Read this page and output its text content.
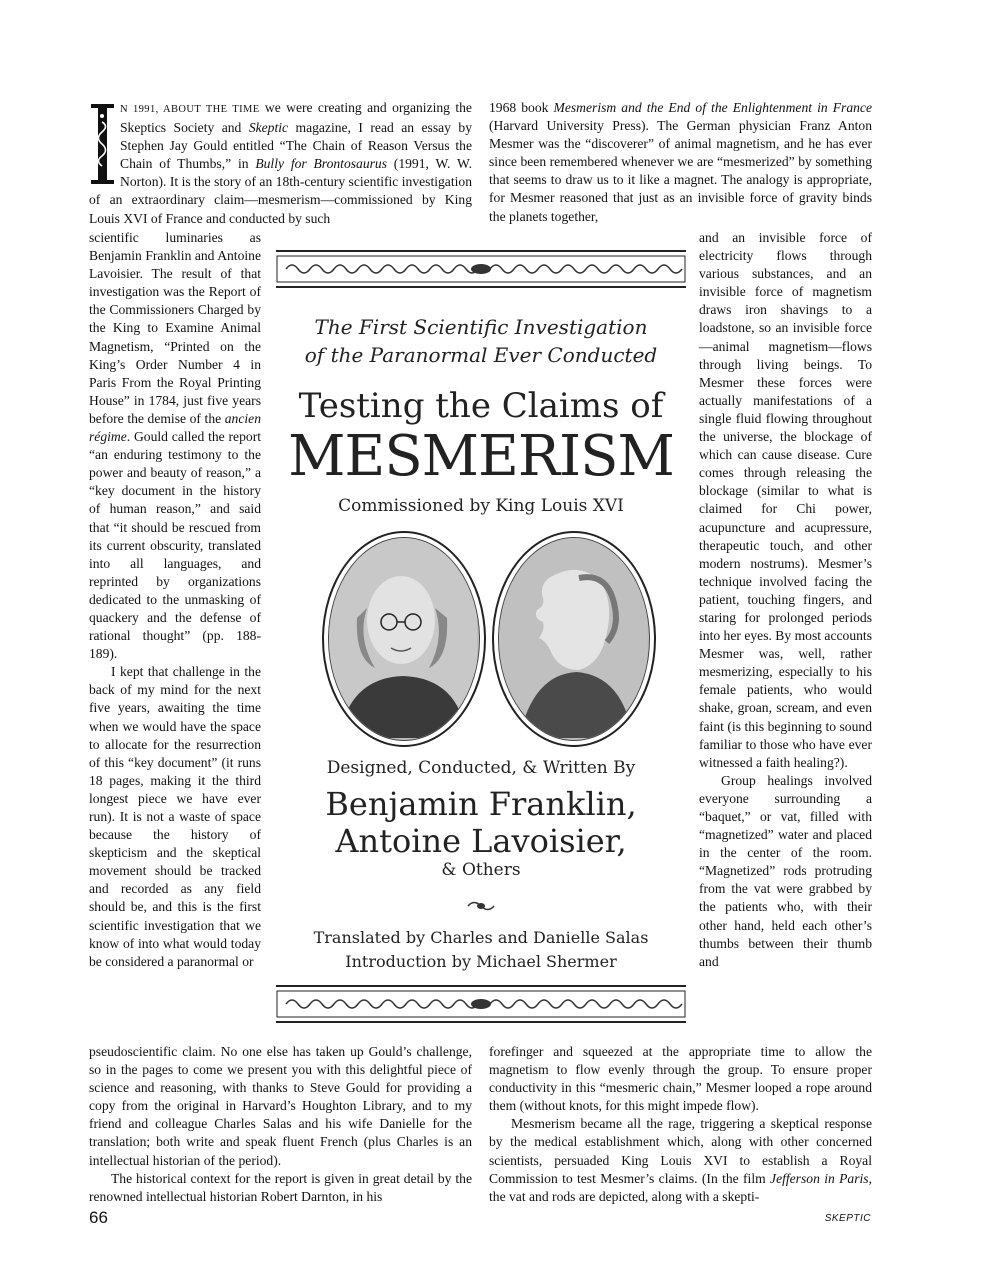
N 1991, ABOUT THE TIME we were creating and organizing the Skeptics Society and Skeptic magazine, I read an essay by Stephen Jay Gould entitled “The Chain of Reason Versus the Chain of Thumbs,” in Bully for Brontosaurus (1991, W. W. Norton). It is the story of an 18th-century scientific investigation of an extraordinary claim—mesmerism—commissioned by King Louis XVI of France and conducted by such

scientific luminaries as Benjamin Franklin and Antoine Lavoisier. The result of that investigation was the Report of the Commissioners Charged by the King to Examine Animal Magnetism, “Printed on the King’s Order Number 4 in Paris From the Royal Printing House” in 1784, just five years before the demise of the ancien régime. Gould called the report “an enduring testimony to the power and beauty of reason,” a “key document in the history of human reason,” and said that “it should be rescued from its current obscurity, translated into all languages, and reprinted by organizations dedicated to the unmasking of quackery and the defense of rational thought” (pp. 188-189).

I kept that challenge in the back of my mind for the next five years, awaiting the time when we would have the space to allocate for the resurrection of this “key document” (it runs 18 pages, making it the third longest piece we have ever run). It is not a waste of space because the history of skepticism and the skeptical movement should be tracked and recorded as any field should be, and this is the first scientific investigation that we know of into what would today be considered a paranormal or

pseudoscientific claim. No one else has taken up Gould’s challenge, so in the pages to come we present you with this delightful piece of science and reasoning, with thanks to Steve Gould for providing a copy from the original in Harvard’s Houghton Library, and to my friend and colleague Charles Salas and his wife Danielle for the translation; both write and speak fluent French (plus Charles is an intellectual historian of the period).

The historical context for the report is given in great detail by the renowned intellectual historian Robert Darnton, in his

1968 book Mesmerism and the End of the Enlightenment in France (Harvard University Press). The German physician Franz Anton Mesmer was the “discoverer” of animal magnetism, and he has ever since been remembered whenever we are “mesmerized” by something that seems to draw us to it like a magnet. The analogy is appropriate, for Mesmer reasoned that just as an invisible force of gravity binds the planets together,

and an invisible force of electricity flows through various substances, and an invisible force of magnetism draws iron shavings to a loadstone, so an invisible force—animal magnetism—flows through living beings. To Mesmer these forces were actually manifestations of a single fluid flowing throughout the universe, the blockage of which can cause disease. Cure comes through releasing the blockage (similar to what is claimed for Chi power, acupuncture and acupressure, therapeutic touch, and other modern nostrums). Mesmer’s technique involved facing the patient, touching fingers, and staring for prolonged periods into her eyes. By most accounts Mesmer was, well, rather mesmerizing, especially to his female patients, who would shake, groan, scream, and even faint (is this beginning to sound familiar to those who have ever witnessed a faith healing?).

Group healings involved everyone surrounding a “baquet,” or vat, filled with “magnetized” water and placed in the center of the room. “Magnetized” rods protruding from the vat were grabbed by the patients who, with their other hand, held each other’s thumbs between their thumb and

forefinger and squeezed at the appropriate time to allow the magnetism to flow evenly through the group. To ensure proper conductivity in this “mesmeric chain,” Mesmer looped a rope around them (without knots, for this might impede flow).

Mesmerism became all the rage, triggering a skeptical response by the medical establishment which, along with other concerned scientists, persuaded King Louis XVI to establish a Royal Commission to test Mesmer’s claims. (In the film Jefferson in Paris, the vat and rods are depicted, along with a skepti-

The First Scientific Investigation

of the Paranormal Ever Conducted

Testing the Claims of

MESMERISM

Commissioned by King Louis XVI

Designed, Conducted, & Written By

Benjamin Franklin,

Antoine Lavoisier,

& Others

Translated by Charles and Danielle Salas

Introduction by Michael Shermer

66	SKEPTIC
